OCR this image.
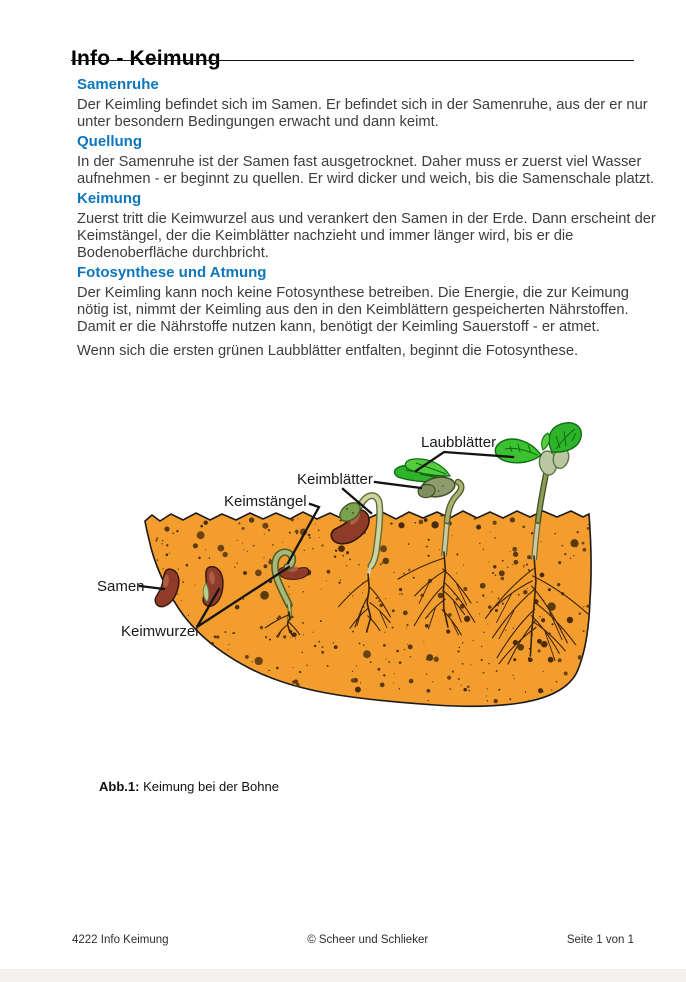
Info - Keimung
Samenruhe

Der Keimling befindet sich im Samen. Er befindet sich in der Samenruhe, aus der er nur unter besondern Bedingungen erwacht und dann keimt.

Quellung

In der Samenruhe ist der Samen fast ausgetrocknet. Daher muss er zuerst viel Wasser aufnehmen - er beginnt zu quellen. Er wird dicker und weich, bis die Samenschale platzt.

Keimung

Zuerst tritt die Keimwurzel aus und verankert den Samen in der Erde. Dann erscheint der Keimstängel, der die Keimblätter nachzieht und immer länger wird, bis er die Bodenoberfläche durchbricht.

Fotosynthese und Atmung

Der Keimling kann noch keine Fotosynthese betreiben. Die Energie, die zur Keimung nötig ist, nimmt der Keimling aus den in den Keimblättern gespeicherten Nährstoffen. Damit er die Nährstoffe nutzen kann, benötigt der Keimling Sauerstoff - er atmet.

Wenn sich die ersten grünen Laubblätter entfalten, beginnt die Fotosynthese.

Laubblätter
Keimblätter
Keimstängel
Samen
Keimwurzel
Abb.1: Keimung bei der Bohne
4222 Info Keimung	© Scheer und Schlieker	Seite 1 von 1
